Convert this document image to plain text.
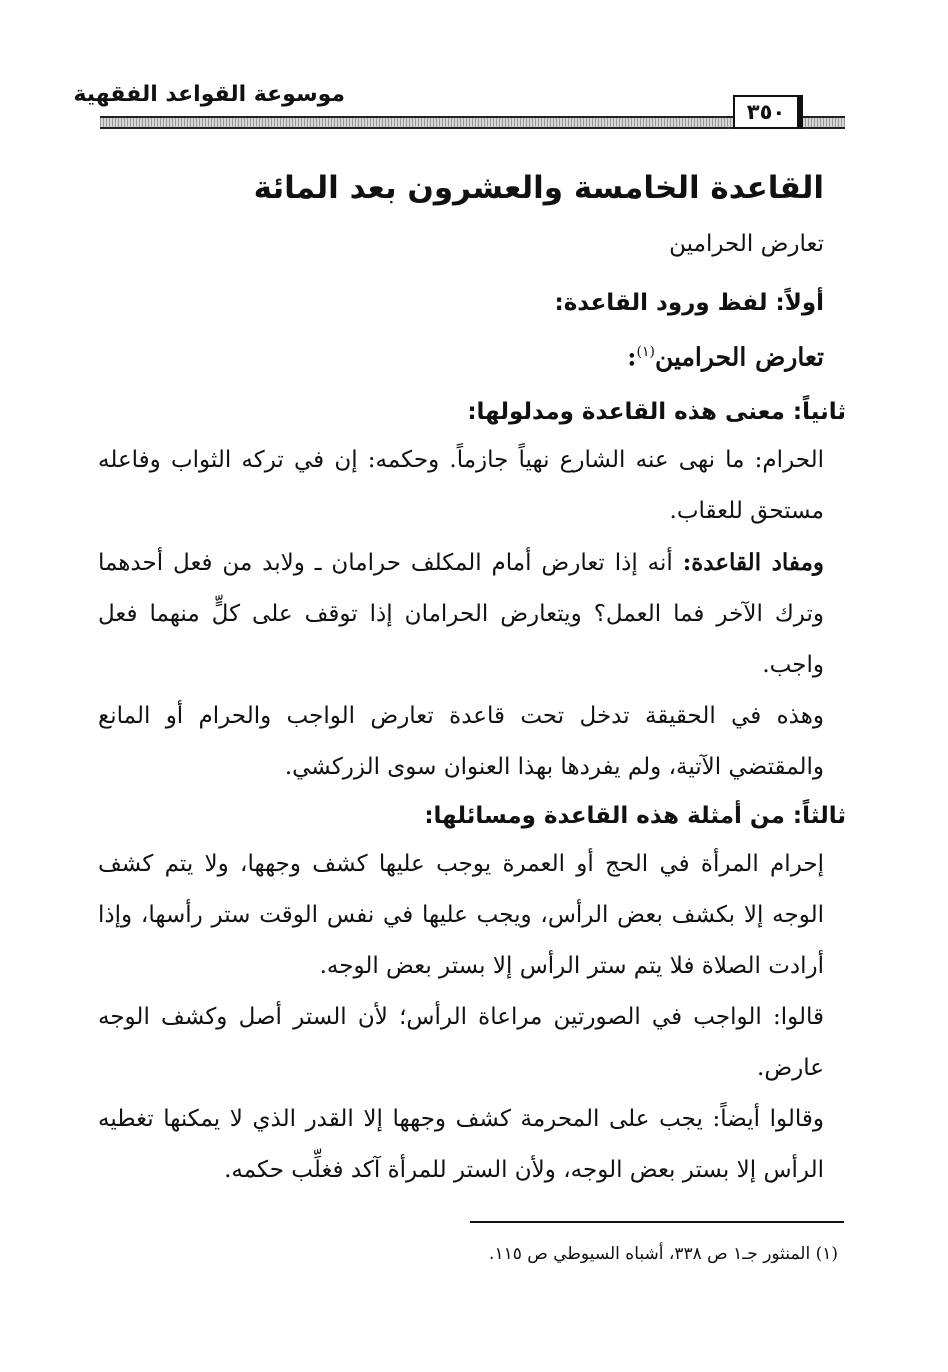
موسوعة القواعد الفقهية
٣٥٠
القاعدة الخامسة والعشرون بعد المائة
تعارض الحرامين
أولاً: لفظ ورود القاعدة:
تعارض الحرامين$^{(١)}$:
ثانياً: معنى هذه القاعدة ومدلولها:

الحرام: ما نهى عنه الشارع نهياً جازماً. وحكمه: إن في تركه الثواب وفاعله مستحق للعقاب.

ومفاد القاعدة: أنه إذا تعارض أمام المكلف حرامان ـ ولابد من فعل أحدهما وترك الآخر فما العمل؟ ويتعارض الحرامان إذا توقف على كلٍّ منهما فعل واجب.

وهذه في الحقيقة تدخل تحت قاعدة تعارض الواجب والحرام أو المانع والمقتضي الآتية، ولم يفردها بهذا العنوان سوى الزركشي.

ثالثاً: من أمثلة هذه القاعدة ومسائلها:

إحرام المرأة في الحج أو العمرة يوجب عليها كشف وجهها، ولا يتم كشف الوجه إلا بكشف بعض الرأس، ويجب عليها في نفس الوقت ستر رأسها، وإذا أرادت الصلاة فلا يتم ستر الرأس إلا بستر بعض الوجه.

قالوا: الواجب في الصورتين مراعاة الرأس؛ لأن الستر أصل وكشف الوجه عارض.

وقالوا أيضاً: يجب على المحرمة كشف وجهها إلا القدر الذي لا يمكنها تغطيه الرأس إلا بستر بعض الوجه، ولأن الستر للمرأة آكد فغلِّب حكمه.

(١) المنثور جـ١ ص ٣٣٨، أشباه السيوطي ص ١١٥.
